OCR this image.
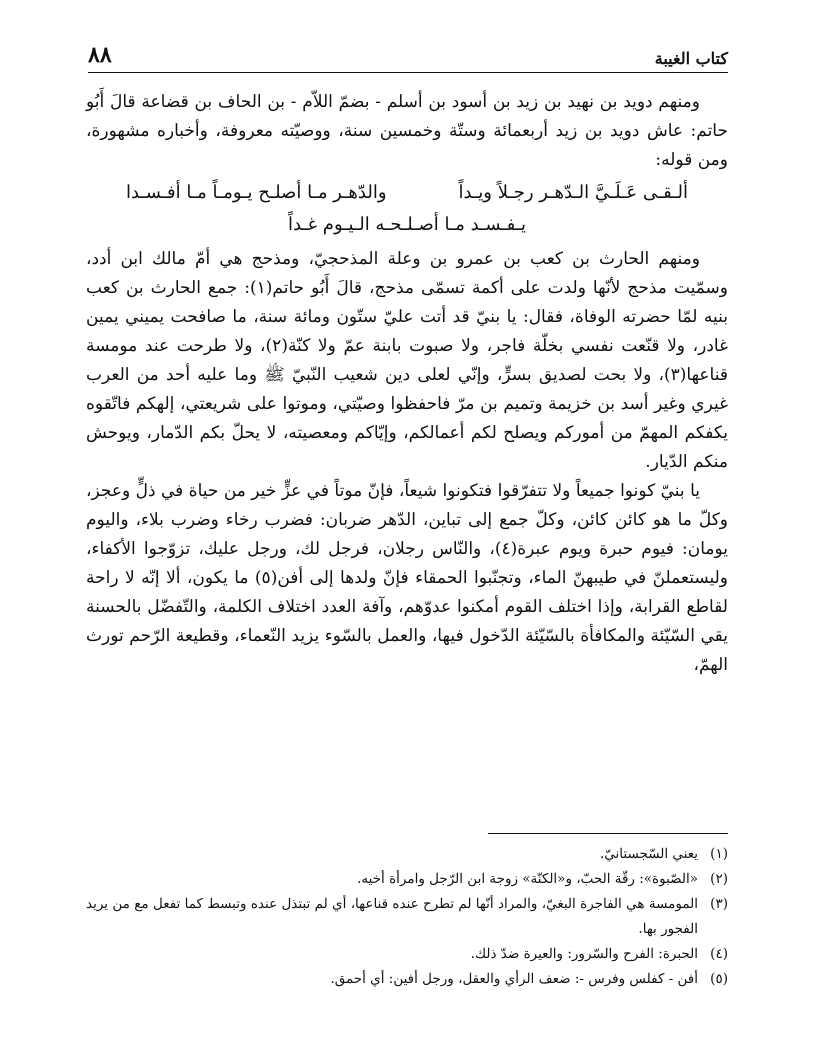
٨٨	كتاب الغيبة

ومنهم دويد بن نهيد بن زيد بن أسود بن أسلم - بضمّ اللاّم - بن الحاف بن قضاعة قالَ أَبُو حاتم: عاش دويد بن زيد أربعمائة وستّة وخمسين سنة، ووصيّته معروفة، وأخباره مشهورة، ومن قوله:

ألـقـى عَـلَـيَّ الـدّهـر رجـلاً ويـداً
والدّهـر مـا أصلـح يـومـاً مـا أفـسـدا
يـفـسـد مـا أصـلـحـه الـيـوم غـداً

ومنهم الحارث بن كعب بن عمرو بن وعلة المذحجيّ، ومذحج هي أمّ مالك ابن أدد، وسمّيت مذحج لأنّها ولدت على أكمة تسمّى مذحج، قالَ أَبُو حاتم(١): جمع الحارث بن كعب بنيه لمّا حضرته الوفاة، فقال: يا بنيّ قد أتت عليّ ستّون ومائة سنة، ما صافحت يميني يمين غادر، ولا قنّعت نفسي بخلّة فاجر، ولا صبوت بابنة عمّ ولا كنّة(٢)، ولا طرحت عند مومسة قناعها(٣)، ولا بحت لصديق بسرٍّ، وإنّي لعلى دين شعيب النّبيّ ﷺ وما عليه أحد من العرب غيري وغير أسد بن خزيمة وتميم بن مرّ فاحفظوا وصيّتي، وموتوا على شريعتي، إلهكم فاتّقوه يكفكم المهمّ من أموركم ويصلح لكم أعمالكم، وإيّاكم ومعصيته، لا يحلّ بكم الدّمار، ويوحش منكم الدّيار.

يا بنيّ كونوا جميعاً ولا تتفرّقوا فتكونوا شيعاً، فإنّ موتاً في عزٍّ خير من حياة في ذلٍّ وعجز، وكلّ ما هو كائن كائن، وكلّ جمع إلى تباين، الدّهر ضربان: فضرب رخاء وضرب بلاء، واليوم يومان: فيوم حبرة ويوم عبرة(٤)، والنّاس رجلان، فرجل لك، ورجل عليك، تزوّجوا الأكفاء، وليستعملنّ في طيبهنّ الماء، وتجنّبوا الحمقاء فإنّ ولدها إلى أفن(٥) ما يكون، ألا إنّه لا راحة لقاطع القرابة، وإذا اختلف القوم أمكنوا عدوّهم، وآفة العدد اختلاف الكلمة، والتّفضّل بالحسنة يقي السّيّئة والمكافأة بالسّيّئة الدّخول فيها، والعمل بالسّوء يزيد النّعماء، وقطيعة الرّحم تورث الهمّ،

(١)
يعني السّجستانيّ.
(٢)
«الصّبوة»: رقّة الحبّ، و«الكنّة» زوجة ابن الرّجل وامرأة أخيه.
(٣)
المومسة هي الفاجرة البغيّ، والمراد أنّها لم تطرح عنده قناعها، أي لم تبتذل عنده وتبسط كما تفعل مع من يريد الفجور بها.
(٤)
الحبرة: الفرح والسّرور: والعيرة ضدّ ذلك.
(٥)
أفن - كفلس وفرس -: ضعف الرأي والعقل، ورجل أفين: أي أحمق.
